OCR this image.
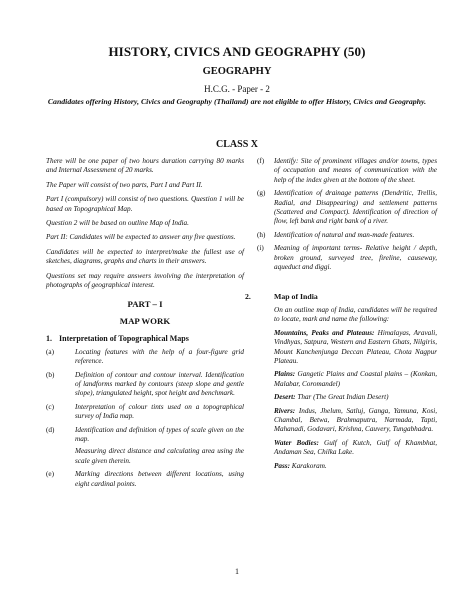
HISTORY, CIVICS AND GEOGRAPHY (50)
GEOGRAPHY
H.C.G. - Paper - 2
Candidates offering History, Civics and Geography (Thailand) are not eligible to offer History, Civics and Geography.
CLASS X

There will be one paper of two hours duration carrying 80 marks and Internal Assessment of 20 marks.

The Paper will consist of two parts, Part I and Part II.

Part I (compulsory) will consist of two questions. Question 1 will be based on Topographical Map.

Question 2 will be based on outline Map of India.

Part II: Candidates will be expected to answer any five questions.

Candidates will be expected to interpret/make the fullest use of sketches, diagrams, graphs and charts in their answers.

Questions set may require answers involving the interpretation of photographs of geographical interest.

PART – I
MAP WORK
1. Interpretation of Topographical Maps
(a)	Locating features with the help of a four-figure grid reference.
(b)	Definition of contour and contour interval. Identification of landforms marked by contours (steep slope and gentle slope), triangulated height, spot height and benchmark.
(c)	Interpretation of colour tints used on a topographical survey of India map.
(d)	Identification and definition of types of scale given on the map.
Measuring direct distance and calculating area using the scale given therein.
(e)	Marking directions between different locations, using eight cardinal points.
(f) Identify: Site of prominent villages and/or towns, types of occupation and means of communication with the help of the index given at the bottom of the sheet.
(g) Identification of drainage patterns (Dendritic, Trellis, Radial, and Disappearing) and settlement patterns (Scattered and Compact). Identification of direction of flow, left bank and right bank of a river.
(h) Identification of natural and man-made features.
(i) Meaning of important terms- Relative height / depth, broken ground, surveyed tree, fireline, causeway, aqueduct and diggi.
2.	Map of India

On an outline map of India, candidates will be required to locate, mark and name the following:

Mountains, Peaks and Plateaus: Himalayas, Aravali, Vindhyas, Satpura, Western and Eastern Ghats, Nilgiris, Mount Kanchenjunga Deccan Plateau, Chota Nagpur Plateau.

Plains: Gangetic Plains and Coastal plains – (Konkan, Malabar, Coromandel)

Desert: Thar (The Great Indian Desert)

Rivers: Indus, Jhelum, Satluj, Ganga, Yamuna, Kosi, Chambal, Betwa, Brahmaputra, Narmada, Tapti, Mahanadi, Godavari, Krishna, Cauvery, Tungabhadra.

Water Bodies: Gulf of Kutch, Gulf of Khambhat, Andaman Sea, Chilka Lake.

Pass: Karakoram.

1
